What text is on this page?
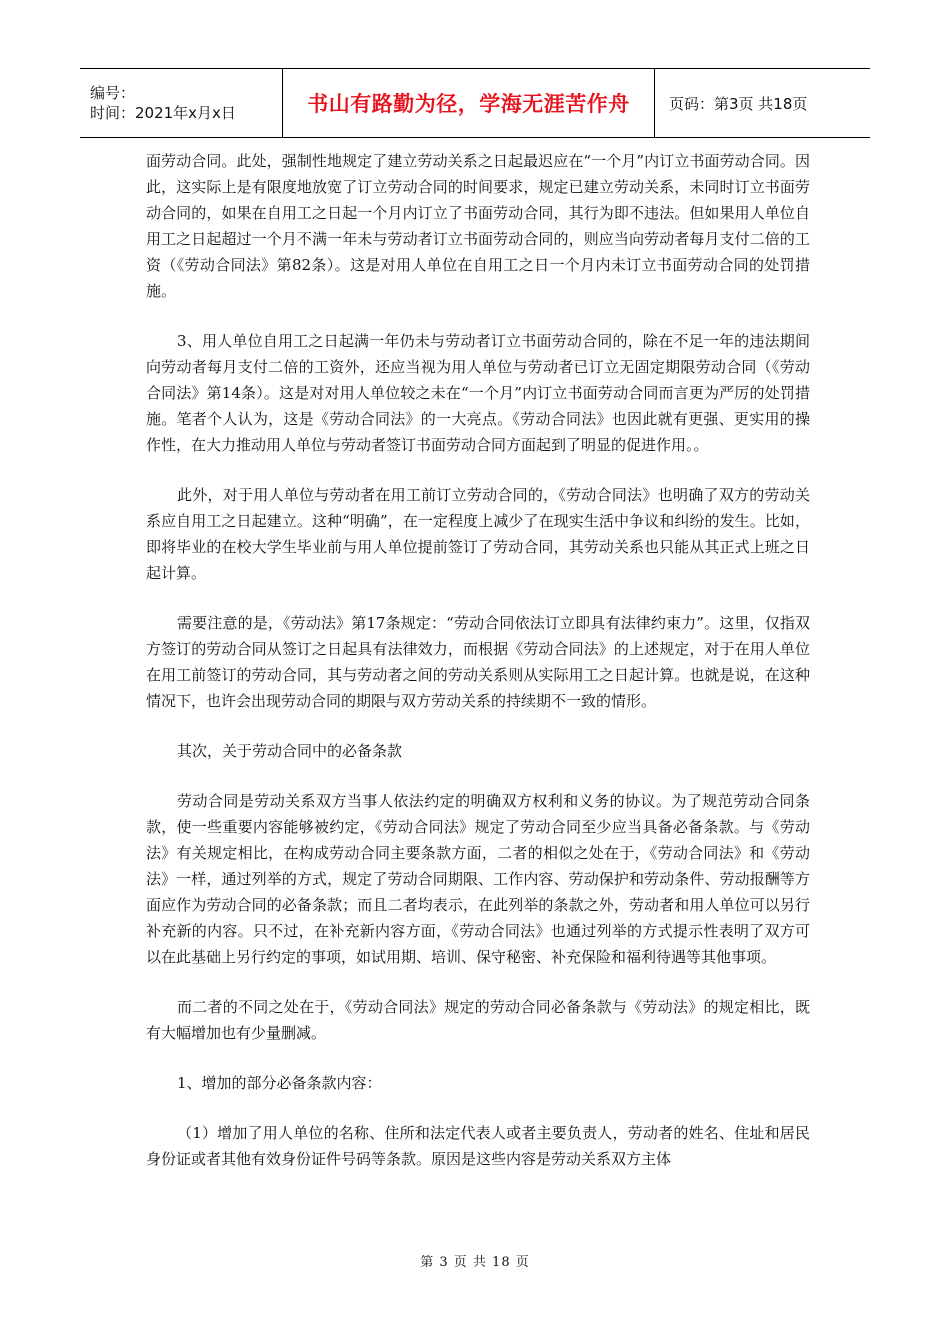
编号：
时间：2021年x月x日	书山有路勤为径，学海无涯苦作舟	页码：第3页 共18页

面劳动合同。此处，强制性地规定了建立劳动关系之日起最迟应在“一个月”内订立书面劳动合同。因此，这实际上是有限度地放宽了订立劳动合同的时间要求，规定已建立劳动关系，未同时订立书面劳动合同的，如果在自用工之日起一个月内订立了书面劳动合同，其行为即不违法。但如果用人单位自用工之日起超过一个月不满一年未与劳动者订立书面劳动合同的，则应当向劳动者每月支付二倍的工资（《劳动合同法》第82条）。这是对用人单位在自用工之日一个月内未订立书面劳动合同的处罚措施。

3、用人单位自用工之日起满一年仍未与劳动者订立书面劳动合同的，除在不足一年的违法期间向劳动者每月支付二倍的工资外，还应当视为用人单位与劳动者已订立无固定期限劳动合同（《劳动合同法》第14条）。这是对对用人单位较之未在“一个月”内订立书面劳动合同而言更为严厉的处罚措施。笔者个人认为，这是《劳动合同法》的一大亮点。《劳动合同法》也因此就有更强、更实用的操作性，在大力推动用人单位与劳动者签订书面劳动合同方面起到了明显的促进作用。。

此外，对于用人单位与劳动者在用工前订立劳动合同的，《劳动合同法》也明确了双方的劳动关系应自用工之日起建立。这种“明确”，在一定程度上减少了在现实生活中争议和纠纷的发生。比如，即将毕业的在校大学生毕业前与用人单位提前签订了劳动合同，其劳动关系也只能从其正式上班之日起计算。

需要注意的是，《劳动法》第17条规定：“劳动合同依法订立即具有法律约束力”。这里，仅指双方签订的劳动合同从签订之日起具有法律效力，而根据《劳动合同法》的上述规定，对于在用人单位在用工前签订的劳动合同，其与劳动者之间的劳动关系则从实际用工之日起计算。也就是说，在这种情况下，也许会出现劳动合同的期限与双方劳动关系的持续期不一致的情形。

其次，关于劳动合同中的必备条款

劳动合同是劳动关系双方当事人依法约定的明确双方权利和义务的协议。为了规范劳动合同条款，使一些重要内容能够被约定，《劳动合同法》规定了劳动合同至少应当具备必备条款。与《劳动法》有关规定相比，在构成劳动合同主要条款方面，二者的相似之处在于，《劳动合同法》和《劳动法》一样，通过列举的方式，规定了劳动合同期限、工作内容、劳动保护和劳动条件、劳动报酬等方面应作为劳动合同的必备条款；而且二者均表示，在此列举的条款之外，劳动者和用人单位可以另行补充新的内容。只不过，在补充新内容方面，《劳动合同法》也通过列举的方式提示性表明了双方可以在此基础上另行约定的事项，如试用期、培训、保守秘密、补充保险和福利待遇等其他事项。

而二者的不同之处在于，《劳动合同法》规定的劳动合同必备条款与《劳动法》的规定相比，既有大幅增加也有少量删减。

1、增加的部分必备条款内容：

（1）增加了用人单位的名称、住所和法定代表人或者主要负责人，劳动者的姓名、住址和居民身份证或者其他有效身份证件号码等条款。原因是这些内容是劳动关系双方主体

第 3 页 共 18 页
